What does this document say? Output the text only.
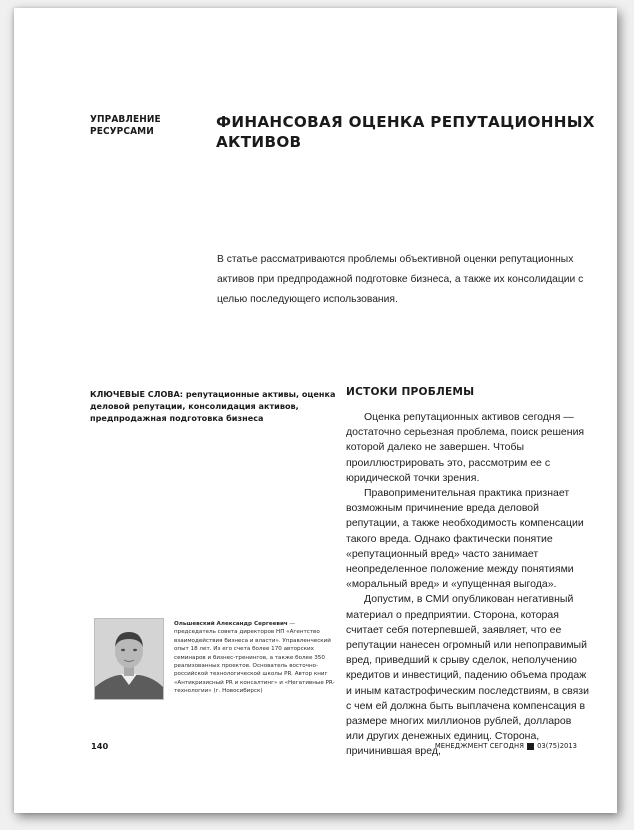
УПРАВЛЕНИЕ РЕСУРСАМИ
ФИНАНСОВАЯ ОЦЕНКА РЕПУТАЦИОННЫХ АКТИВОВ
В статье рассматриваются проблемы объективной оценки репутационных активов при предпродажной подготовке бизнеса, а также их консолидации с целью последующего использования.
КЛЮЧЕВЫЕ СЛОВА: репутационные активы, оценка деловой репутации, консолидация активов, предпродажная подготовка бизнеса
Ольшевский Александр Сергеевич — председатель совета директоров НП «Агентство взаимодействия бизнеса и власти». Управленческий опыт 18 лет. Из его счета более 170 авторских семинаров и бизнес-тренингов, а также более 350 реализованных проектов. Основатель восточно-российской технологической школы PR. Автор книг «Антикризисный PR и консалтинг» и «Негативные PR-технологии» (г. Новосибирск)
ИСТОКИ ПРОБЛЕМЫ

Оценка репутационных активов сегодня — достаточно серьезная проблема, поиск решения которой далеко не завершен. Чтобы проиллюстрировать это, рассмотрим ее с юридической точки зрения.

Правоприменительная практика признает возможным причинение вреда деловой репутации, а также необходимость компенсации такого вреда. Однако фактически понятие «репутационный вред» часто занимает неопределенное положение между понятиями «моральный вред» и «упущенная выгода».

Допустим, в СМИ опубликован негативный материал о предприятии. Сторона, которая считает себя потерпевшей, заявляет, что ее репутации нанесен огромный или непоправимый вред, приведший к срыву сделок, неполучению кредитов и инвестиций, падению объема продаж и иным катастрофическим последствиям, в связи с чем ей должна быть выплачена компенсация в размере многих миллионов рублей, долларов или других денежных единиц. Сторона, причинившая вред,

140	МЕНЕДЖМЕНТ СЕГОДНЯ 03(75)2013
